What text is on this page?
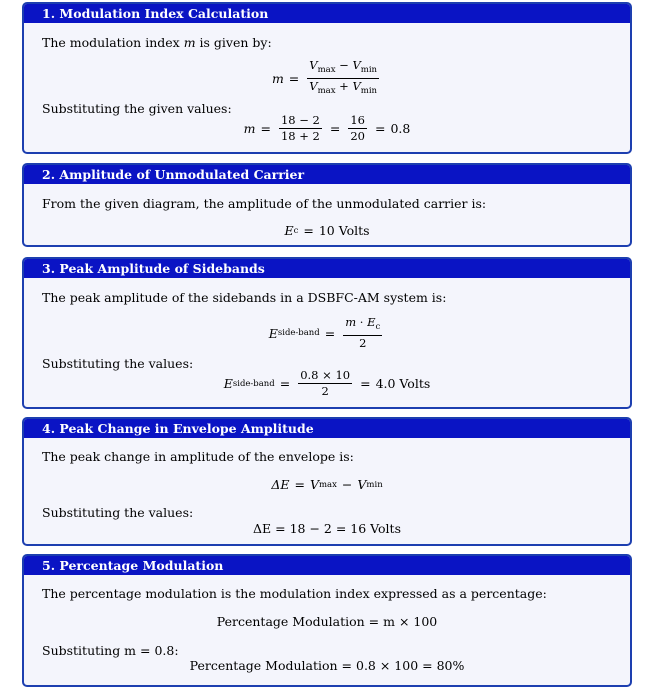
1. Modulation Index Calculation
The modulation index m is given by:
$m = \frac{V_{max} - V_{min}}{V_{max} + V_{min}}$
Substituting the given values:
$m = \frac{18 - 2}{18 + 2} = \frac{16}{20} = 0.8$
2. Amplitude of Unmodulated Carrier
From the given diagram, the amplitude of the unmodulated carrier is:
E c = 10 Volts
3. Peak Amplitude of Sidebands
The peak amplitude of the sidebands in a DSBFC-AM system is:
E side-band = $\frac{m \cdot E_c}{2}$
Substituting the values:
E side-band = $\frac{0.8 \times 10}{2} = 4.0$ Volts
4. Peak Change in Envelope Amplitude
The peak change in amplitude of the envelope is:
ΔE = V max − V min
Substituting the values:
ΔE = 18 − 2 = 16 Volts
5. Percentage Modulation
The percentage modulation is the modulation index expressed as a percentage:
Percentage Modulation = m × 100
Substituting m = 0.8:
Percentage Modulation = 0.8 × 100 = 80%
